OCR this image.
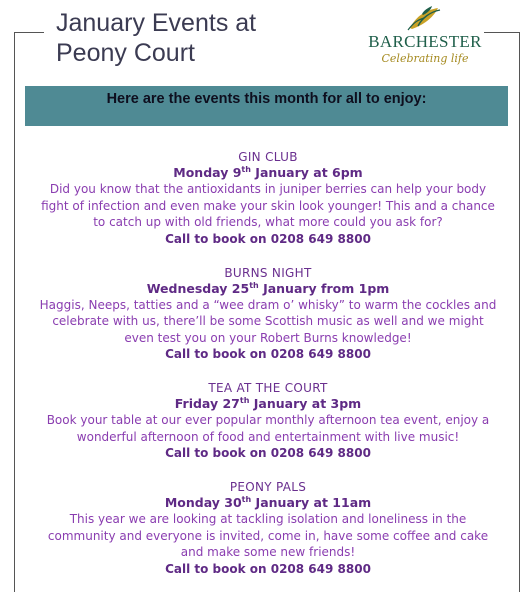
January Events at
Peony Court	BARCHESTER
Celebrating life
Here are the events this month for all to enjoy:
GIN CLUB
Monday 9th January at 6pm
Did you know that the antioxidants in juniper berries can help your body fight of infection and even make your skin look younger! This and a chance to catch up with old friends, what more could you ask for?
Call to book on 0208 649 8800
BURNS NIGHT
Wednesday 25th January from 1pm
Haggis, Neeps, tatties and a “wee dram o’ whisky” to warm the cockles and celebrate with us, there’ll be some Scottish music as well and we might even test you on your Robert Burns knowledge!
Call to book on 0208 649 8800
TEA AT THE COURT
Friday 27th January at 3pm
Book your table at our ever popular monthly afternoon tea event, enjoy a wonderful afternoon of food and entertainment with live music!
Call to book on 0208 649 8800
PEONY PALS
Monday 30th January at 11am
This year we are looking at tackling isolation and loneliness in the community and everyone is invited, come in, have some coffee and cake and make some new friends!
Call to book on 0208 649 8800
